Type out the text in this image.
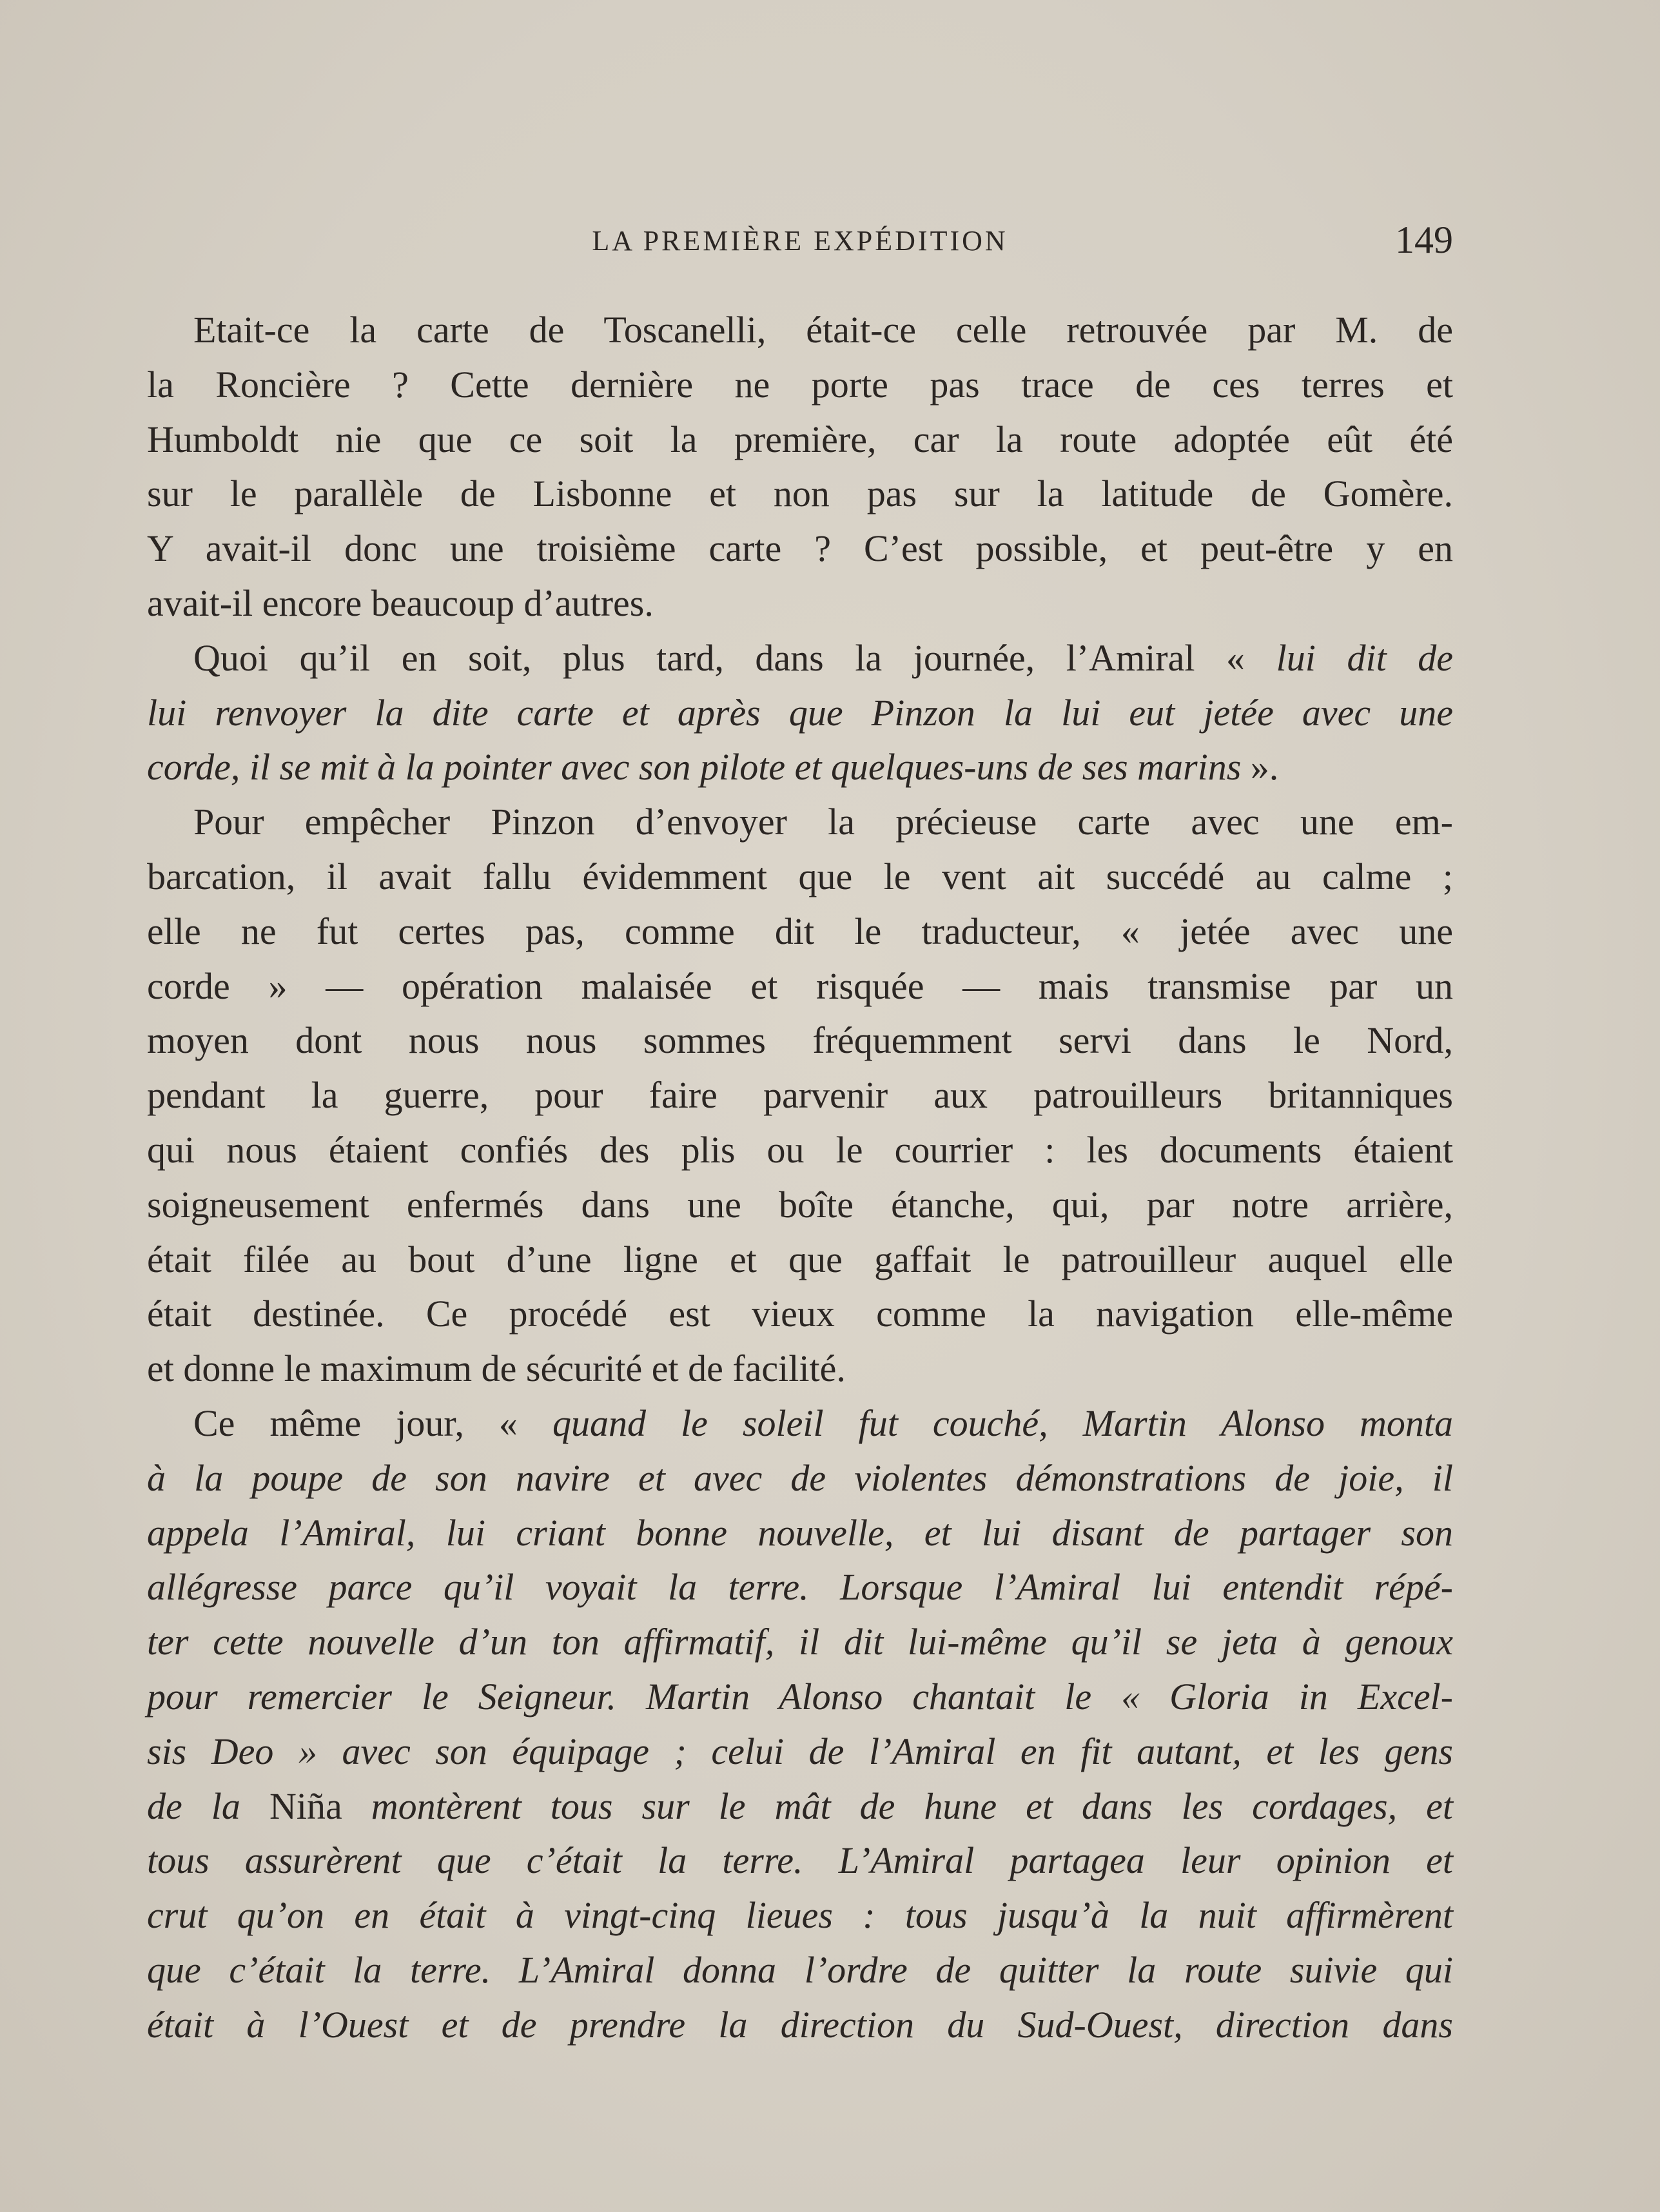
LA PREMIÈRE EXPÉDITION	149
Etait-ce la carte de Toscanelli, était-ce celle retrouvée par M. de
la Roncière ? Cette dernière ne porte pas trace de ces terres et
Humboldt nie que ce soit la première, car la route adoptée eût été
sur le parallèle de Lisbonne et non pas sur la latitude de Gomère.
Y avait-il donc une troisième carte ? C’est possible, et peut-être y en
avait-il encore beaucoup d’autres.
Quoi qu’il en soit, plus tard, dans la journée, l’Amiral « lui dit de
lui renvoyer la dite carte et après que Pinzon la lui eut jetée avec une
corde, il se mit à la pointer avec son pilote et quelques-uns de ses marins ».
Pour empêcher Pinzon d’envoyer la précieuse carte avec une em-
barcation, il avait fallu évidemment que le vent ait succédé au calme ;
elle ne fut certes pas, comme dit le traducteur, « jetée avec une
corde » — opération malaisée et risquée — mais transmise par un
moyen dont nous nous sommes fréquemment servi dans le Nord,
pendant la guerre, pour faire parvenir aux patrouilleurs britanniques
qui nous étaient confiés des plis ou le courrier : les documents étaient
soigneusement enfermés dans une boîte étanche, qui, par notre arrière,
était filée au bout d’une ligne et que gaffait le patrouilleur auquel elle
était destinée. Ce procédé est vieux comme la navigation elle-même
et donne le maximum de sécurité et de facilité.
Ce même jour, « quand le soleil fut couché, Martin Alonso monta
à la poupe de son navire et avec de violentes démonstrations de joie, il
appela l’Amiral, lui criant bonne nouvelle, et lui disant de partager son
allégresse parce qu’il voyait la terre. Lorsque l’Amiral lui entendit répé-
ter cette nouvelle d’un ton affirmatif, il dit lui-même qu’il se jeta à genoux
pour remercier le Seigneur. Martin Alonso chantait le « Gloria in Excel-
sis Deo » avec son équipage ; celui de l’Amiral en fit autant, et les gens
de la Niña montèrent tous sur le mât de hune et dans les cordages, et
tous assurèrent que c’était la terre. L’Amiral partagea leur opinion et
crut qu’on en était à vingt-cinq lieues : tous jusqu’à la nuit affirmèrent
que c’était la terre. L’Amiral donna l’ordre de quitter la route suivie qui
était à l’Ouest et de prendre la direction du Sud-Ouest, direction dans
